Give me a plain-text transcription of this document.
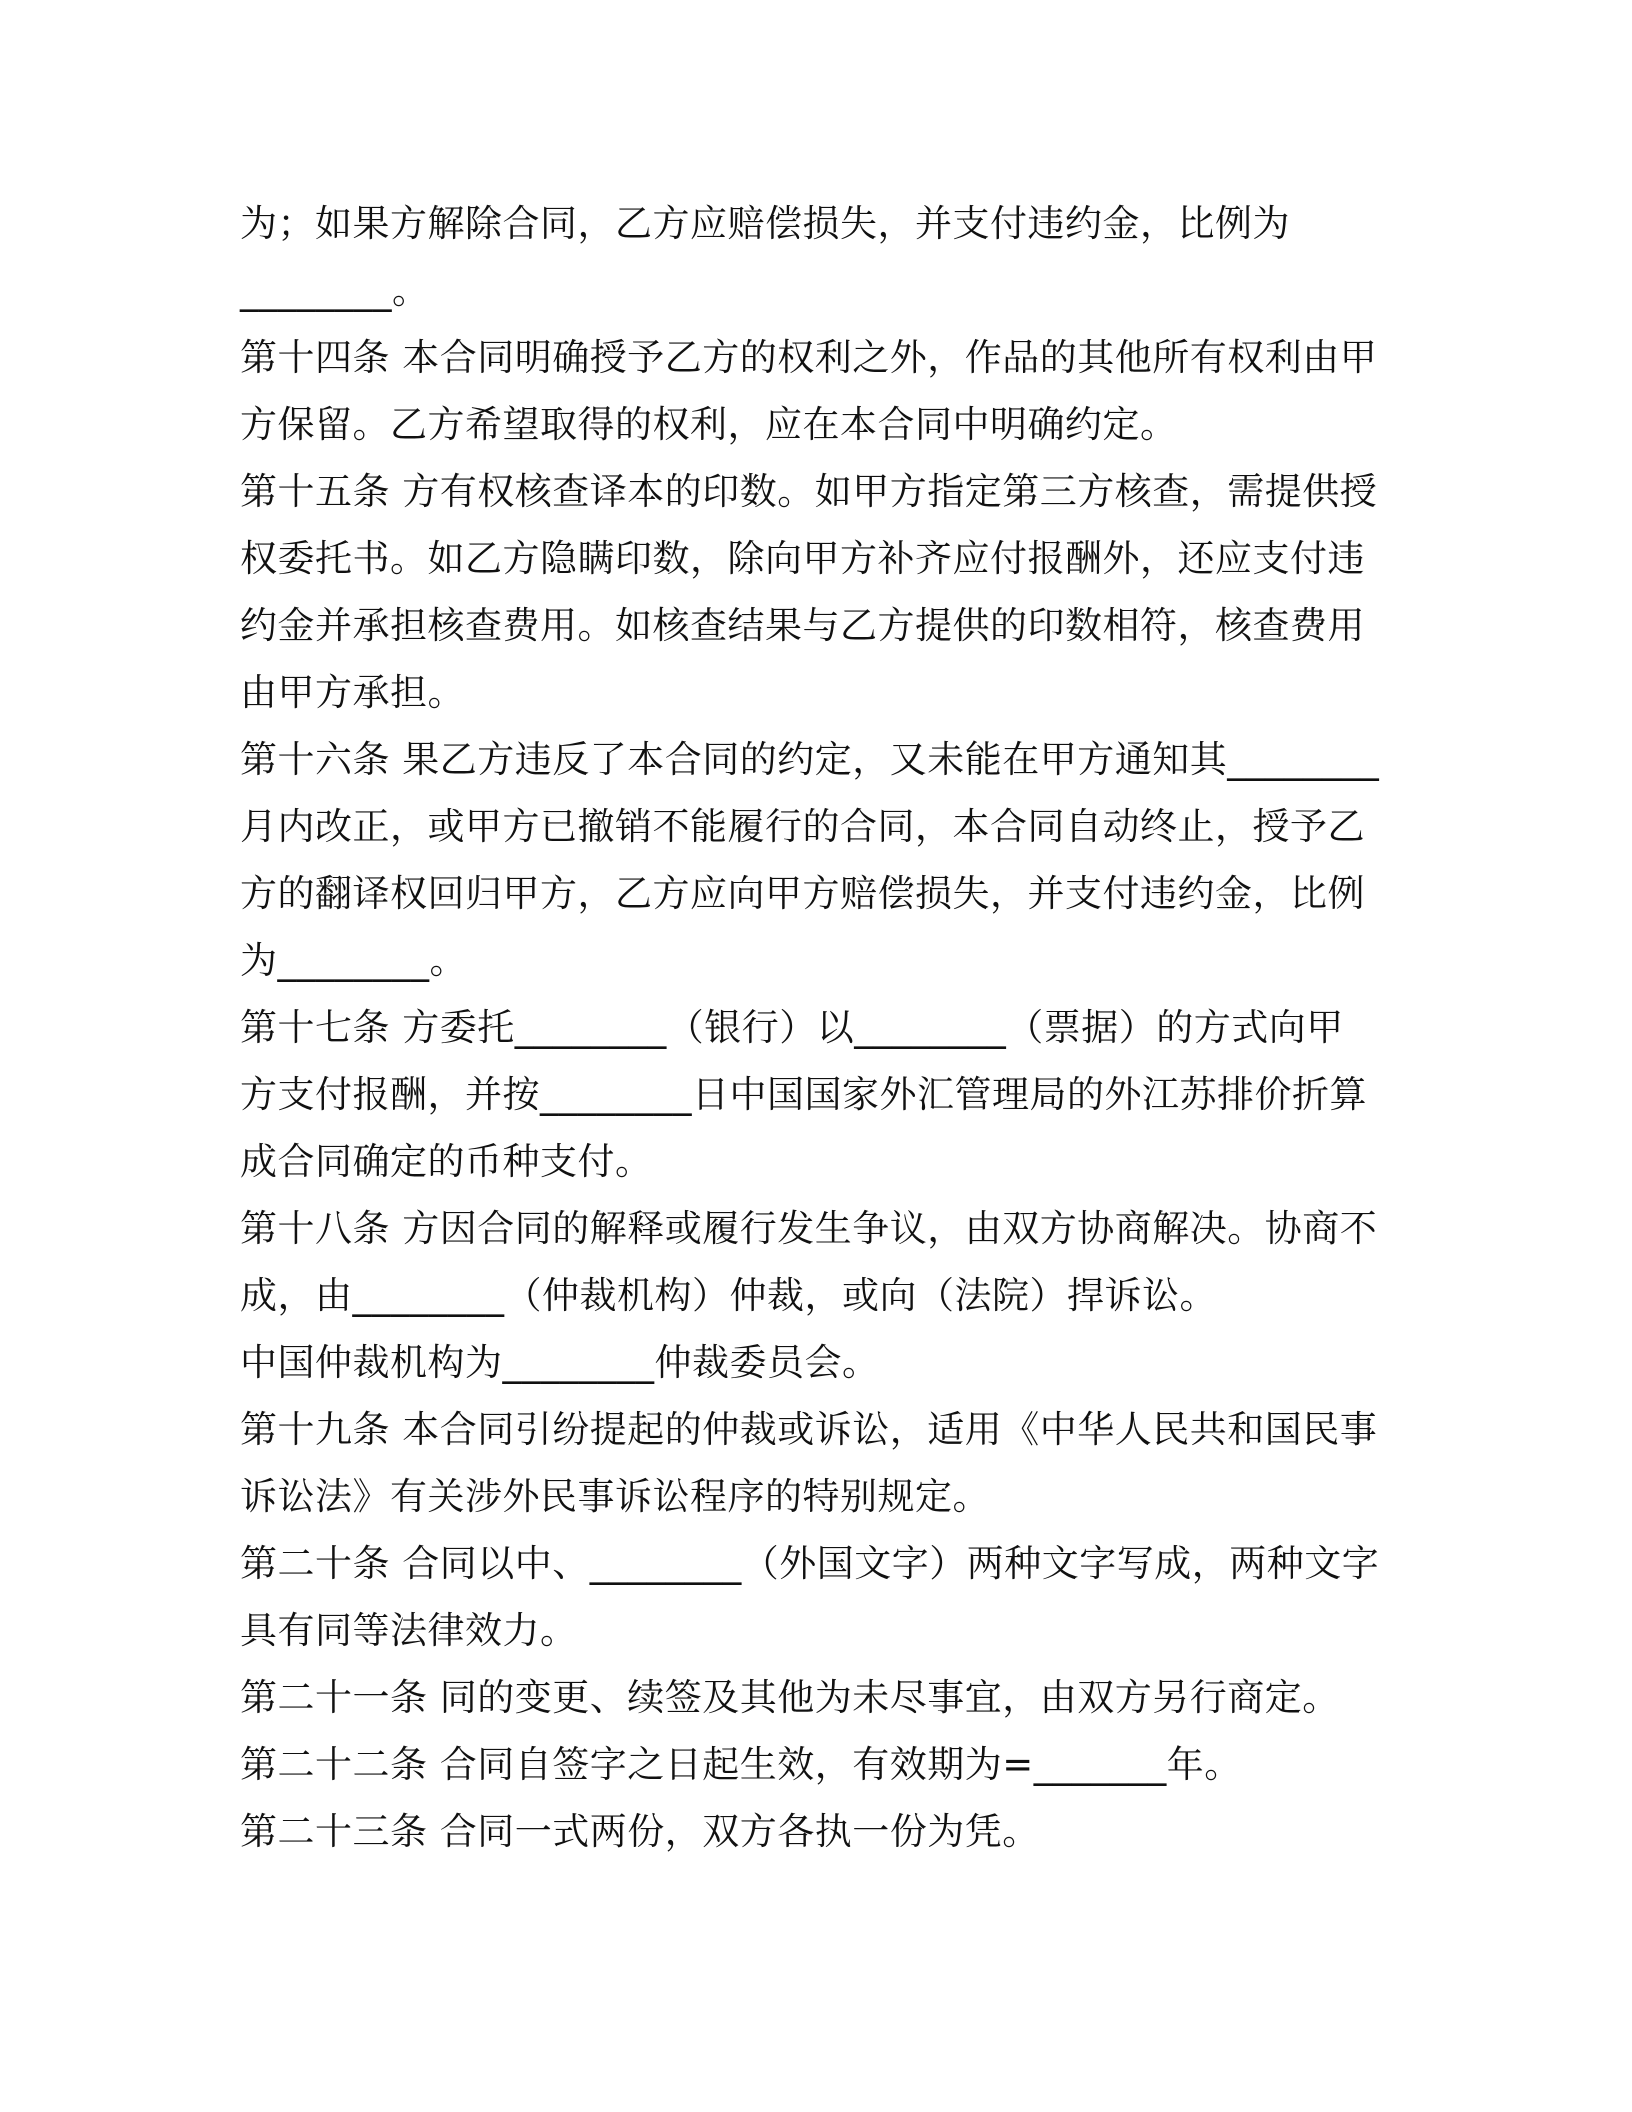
为；如果方解除合同，乙方应赔偿损失，并支付违约金，比例为
________。
第十四条 本合同明确授予乙方的权利之外，作品的其他所有权利由甲
方保留。乙方希望取得的权利，应在本合同中明确约定。
第十五条 方有权核查译本的印数。如甲方指定第三方核查，需提供授
权委托书。如乙方隐瞒印数，除向甲方补齐应付报酬外，还应支付违
约金并承担核查费用。如核查结果与乙方提供的印数相符，核查费用
由甲方承担。
第十六条 果乙方违反了本合同的约定，又未能在甲方通知其________
月内改正，或甲方已撤销不能履行的合同，本合同自动终止，授予乙
方的翻译权回归甲方，乙方应向甲方赔偿损失，并支付违约金，比例
为________。
第十七条 方委托________（银行）以________（票据）的方式向甲
方支付报酬，并按________日中国国家外汇管理局的外江苏排价折算
成合同确定的币种支付。
第十八条 方因合同的解释或履行发生争议，由双方协商解决。协商不
成，由________（仲裁机构）仲裁，或向（法院）捍诉讼。
中国仲裁机构为________仲裁委员会。
第十九条 本合同引纷提起的仲裁或诉讼，适用《中华人民共和国民事
诉讼法》有关涉外民事诉讼程序的特别规定。
第二十条 合同以中、________（外国文字）两种文字写成，两种文字
具有同等法律效力。
第二十一条 同的变更、续签及其他为未尽事宜，由双方另行商定。
第二十二条 合同自签字之日起生效，有效期为=_______年。
第二十三条 合同一式两份，双方各执一份为凭。
